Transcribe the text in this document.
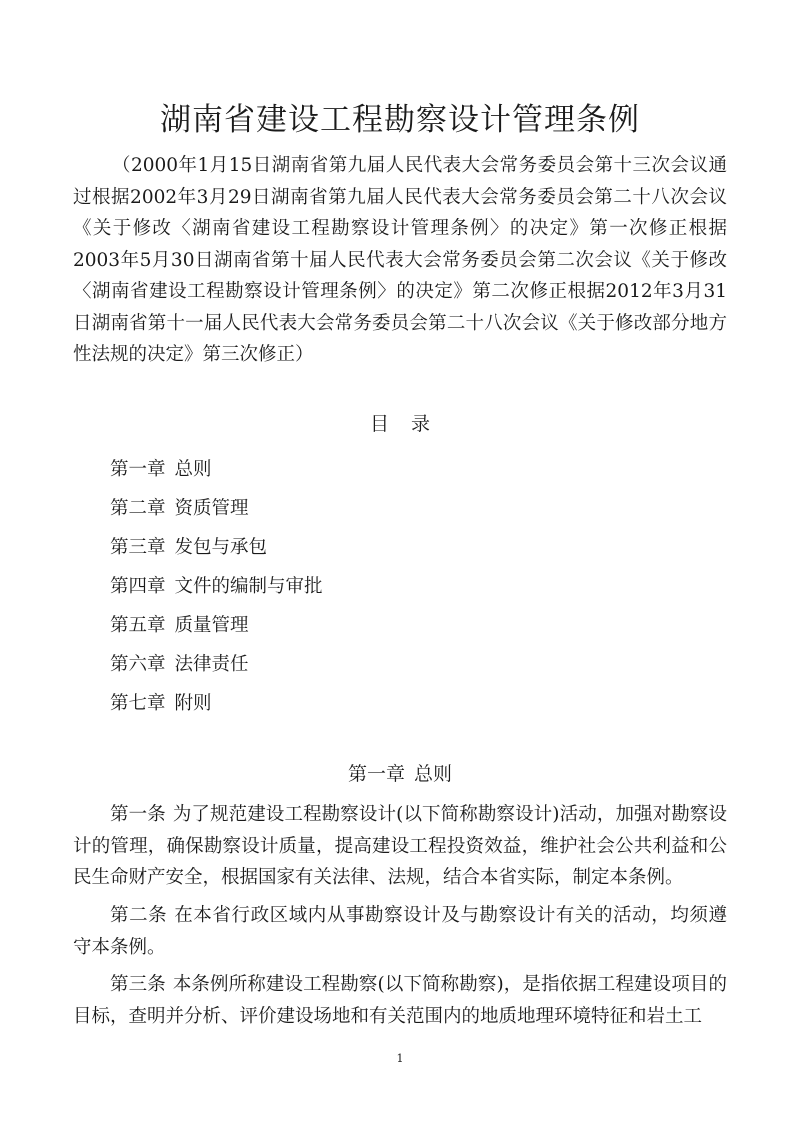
湖南省建设工程勘察设计管理条例

（2000年1月15日湖南省第九届人民代表大会常务委员会第十三次会议通过根据2002年3月29日湖南省第九届人民代表大会常务委员会第二十八次会议《关于修改〈湖南省建设工程勘察设计管理条例〉的决定》第一次修正根据2003年5月30日湖南省第十届人民代表大会常务委员会第二次会议《关于修改〈湖南省建设工程勘察设计管理条例〉的决定》第二次修正根据2012年3月31日湖南省第十一届人民代表大会常务委员会第二十八次会议《关于修改部分地方性法规的决定》第三次修正）

目 录
第一章 总则
第二章 资质管理
第三章 发包与承包
第四章 文件的编制与审批
第五章 质量管理
第六章 法律责任
第七章 附则
第一章 总则

第一条 为了规范建设工程勘察设计(以下简称勘察设计)活动，加强对勘察设计的管理，确保勘察设计质量，提高建设工程投资效益，维护社会公共利益和公民生命财产安全，根据国家有关法律、法规，结合本省实际，制定本条例。

第二条 在本省行政区域内从事勘察设计及与勘察设计有关的活动，均须遵守本条例。

第三条 本条例所称建设工程勘察(以下简称勘察)，是指依据工程建设项目的目标，查明并分析、评价建设场地和有关范围内的地质地理环境特征和岩土工

1
